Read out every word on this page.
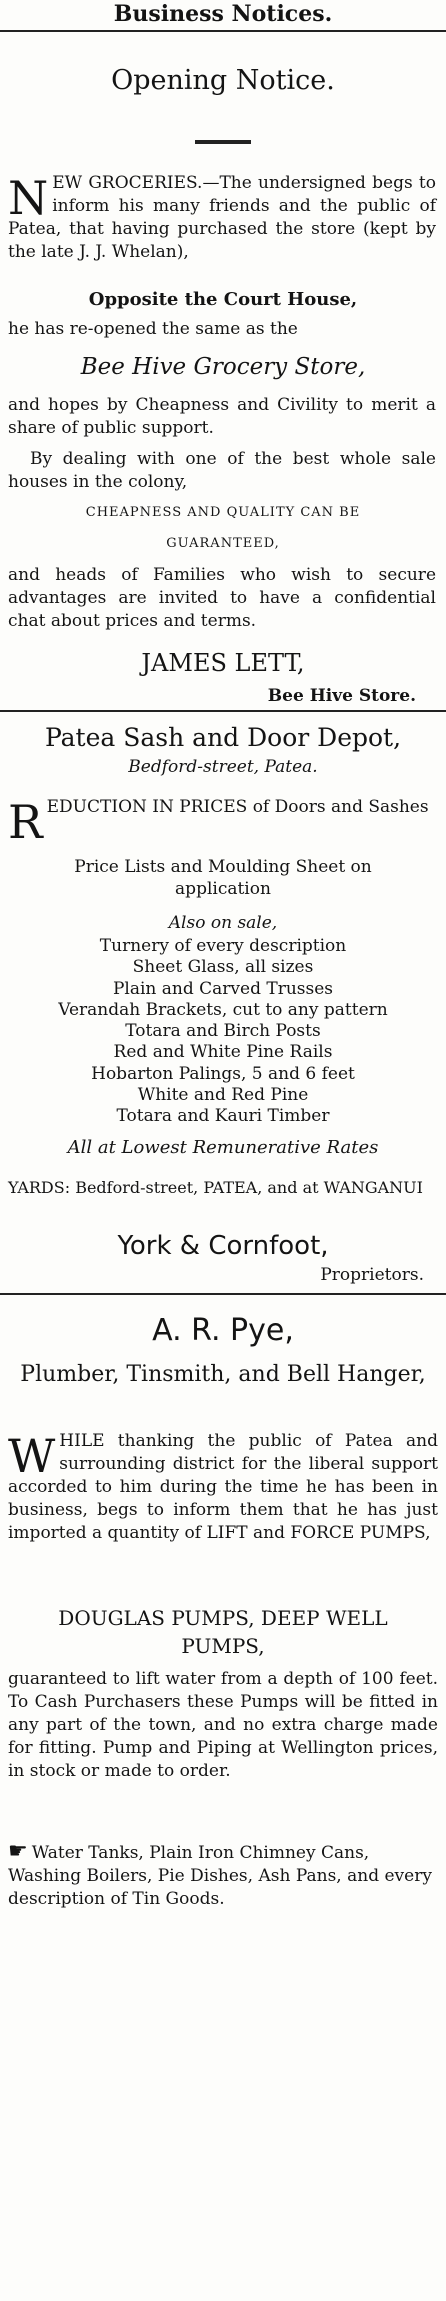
Business Notices.
Opening Notice.
NEW GROCERIES.—The undersigned begs to inform his many friends and the public of Patea, that having purchased the store (kept by the late J. J. Whelan),
Opposite the Court House,
he has re-opened the same as the
Bee Hive Grocery Store,
and hopes by Cheapness and Civility to merit a share of public support.
By dealing with one of the best whole sale houses in the colony,
CHEAPNESS AND QUALITY CAN BE
GUARANTEED,
and heads of Families who wish to secure advantages are invited to have a confidential chat about prices and terms.
JAMES LETT,
Bee Hive Store.
Patea Sash and Door Depot,
Bedford-street, Patea.
REDUCTION IN PRICES of Doors and Sashes
Price Lists and Moulding Sheet on application
Also on sale,
Turnery of every description
Sheet Glass, all sizes
Plain and Carved Trusses
Verandah Brackets, cut to any pattern
Totara and Birch Posts
Red and White Pine Rails
Hobarton Palings, 5 and 6 feet
White and Red Pine
Totara and Kauri Timber
All at Lowest Remunerative Rates
YARDS: Bedford-street, PATEA, and at WANGANUI
York & Cornfoot,
Proprietors.
A. R. Pye,
Plumber, Tinsmith, and Bell Hanger,
WHILE thanking the public of Patea and surrounding district for the liberal support accorded to him during the time he has been in business, begs to inform them that he has just imported a quantity of LIFT and FORCE PUMPS,
DOUGLAS PUMPS, DEEP WELL PUMPS,
guaranteed to lift water from a depth of 100 feet. To Cash Purchasers these Pumps will be fitted in any part of the town, and no extra charge made for fitting. Pump and Piping at Wellington prices, in stock or made to order.
☛ Water Tanks, Plain Iron Chimney Cans, Washing Boilers, Pie Dishes, Ash Pans, and every description of Tin Goods.
